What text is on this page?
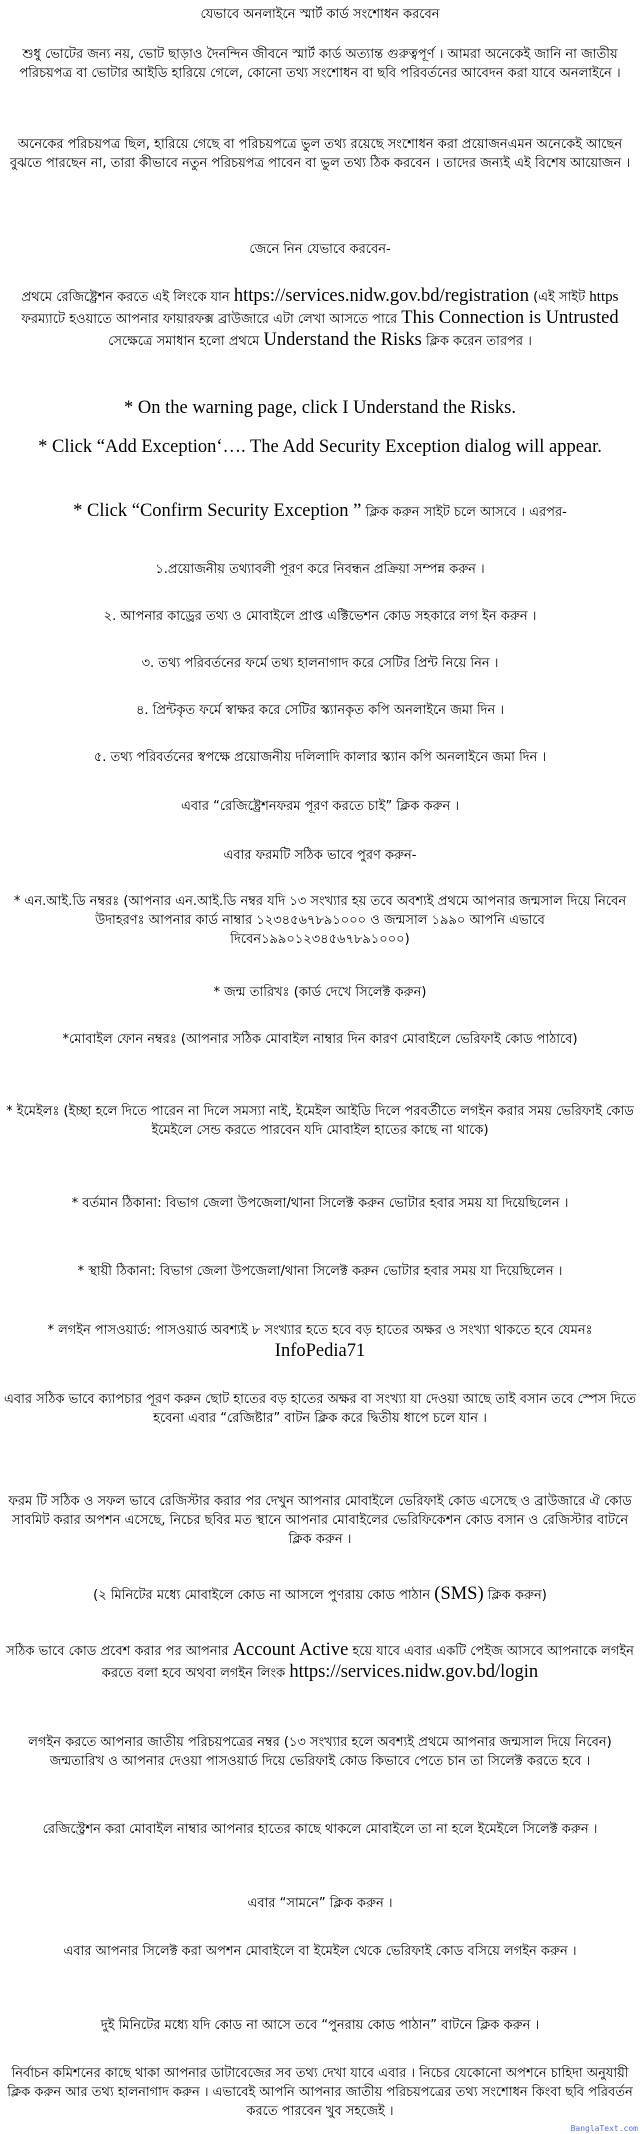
যেভাবে অনলাইনে স্মার্ট কার্ড সংশোধন করবেন
শুধু ভোটের জন্য নয়, ভোট ছাড়াও দৈনন্দিন জীবনে স্মার্ট কার্ড অত্যান্ত গুরুত্বপূর্ণ । আমরা অনেকেই জানি না জাতীয় পরিচয়পত্র বা ভোটার আইডি হারিয়ে গেলে, কোনো তথ্য সংশোধন বা ছবি পরিবর্তনের আবেদন করা যাবে অনলাইনে ।
অনেকের পরিচয়পত্র ছিল, হারিয়ে গেছে বা পরিচয়পত্রে ভুল তথ্য রয়েছে সংশোধন করা প্রয়োজনএমন অনেকেই আছেন বুঝতে পারছেন না, তারা কীভাবে নতুন পরিচয়পত্র পাবেন বা ভুল তথ্য ঠিক করবেন । তাদের জন্যই এই বিশেষ আয়োজন ।
জেনে নিন যেভাবে করবেন-
প্রথমে রেজিষ্ট্রেশন করতে এই লিংকে যান https://services.nidw.gov.bd/registration (এই সাইট https ফরম্যাটে হওয়াতে আপনার ফায়ারফক্স ব্রাউজারে এটা লেখা আসতে পারে This Connection is Untrusted সেক্ষেত্রে সমাধান হলো প্রথমে Understand the Risks ক্লিক করেন তারপর ।
* On the warning page, click I Understand the Risks.
* Click “Add Exception‘…. The Add Security Exception dialog will appear.
* Click “Confirm Security Exception ” ক্লিক করুন সাইট চলে আসবে । এরপর-
১.প্রয়োজনীয় তথ্যাবলী পূরণ করে নিবন্ধন প্রক্রিয়া সম্পন্ন করুন ।
২. আপনার কাড্রের তথ্য ও মোবাইলে প্রাপ্ত এক্টিভেশন কোড সহকারে লগ ইন করুন ।
৩. তথ্য পরিবর্তনের ফর্মে তথ্য হালনাগাদ করে সেটির প্রিন্ট নিয়ে নিন ।
৪. প্রিন্টকৃত ফর্মে স্বাক্ষর করে সেটির স্ক্যানকৃত কপি অনলাইনে জমা দিন ।
৫. তথ্য পরিবর্তনের স্বপক্ষে প্রয়োজনীয় দলিলাদি কালার স্ক্যান কপি অনলাইনে জমা দিন ।
এবার “রেজিষ্ট্রেশনফরম পূরণ করতে চাই” ক্লিক করুন ।
এবার ফরমটি সঠিক ভাবে পুরণ করুন-
* এন.আই.ডি নম্বরঃ (আপনার এন.আই.ডি নম্বর যদি ১৩ সংখ্যার হয় তবে অবশ্যই প্রথমে আপনার জন্মসাল দিয়ে নিবেন উদাহরণঃ আপনার কার্ড নাম্বার ১২৩৪৫৬৭৮৯১০০০ ও জন্মসাল ১৯৯০ আপনি এভাবে দিবেন১৯৯০১২৩৪৫৬৭৮৯১০০০)
* জন্ম তারিখঃ (কার্ড দেখে সিলেক্ট করুন)
*মোবাইল ফোন নম্বরঃ (আপনার সঠিক মোবাইল নাম্বার দিন কারণ মোবাইলে ভেরিফাই কোড পাঠাবে)
* ইমেইলঃ (ইচ্ছা হলে দিতে পারেন না দিলে সমস্যা নাই, ইমেইল আইডি দিলে পরবর্তীতে লগইন করার সময় ভেরিফাই কোড ইমেইলে সেন্ড করতে পারবেন যদি মোবাইল হাতের কাছে না থাকে)
* বর্তমান ঠিকানা: বিভাগ জেলা উপজেলা/থানা সিলেক্ট করুন ভোটার হবার সময় যা দিয়েছিলেন ।
* স্থায়ী ঠিকানা: বিভাগ জেলা উপজেলা/থানা সিলেক্ট করুন ভোটার হবার সময় যা দিয়েছিলেন ।
* লগইন পাসওয়ার্ড: পাসওয়ার্ড অবশ্যই ৮ সংখ্যার হতে হবে বড় হাতের অক্ষর ও সংখ্যা থাকতে হবে যেমনঃ InfoPedia71
এবার সঠিক ভাবে ক্যাপচার পূরণ করুন ছোট হাতের বড় হাতের অক্ষর বা সংখ্যা যা দেওয়া আছে তাই বসান তবে স্পেস দিতে হবেনা এবার “রেজিষ্টার” বাটন ক্লিক করে দ্বিতীয় ধাপে চলে যান ।
ফরম টি সঠিক ও সফল ভাবে রেজিস্টার করার পর দেখুন আপনার মোবাইলে ভেরিফাই কোড এসেছে ও ব্রাউজারে ঐ কোড সাবমিট করার অপশন এসেছে, নিচের ছবির মত স্থানে আপনার মোবাইলের ভেরিফিকেশন কোড বসান ও রেজিস্টার বাটনে ক্লিক করুন ।
(২ মিনিটের মধ্যে মোবাইলে কোড না আসলে পুণরায় কোড পাঠান (SMS) ক্লিক করুন)
সঠিক ভাবে কোড প্রবেশ করার পর আপনার Account Active হয়ে যাবে এবার একটি পেইজ আসবে আপনাকে লগইন করতে বলা হবে অথবা লগইন লিংক https://services.nidw.gov.bd/login
লগইন করতে আপনার জাতীয় পরিচয়পত্রের নম্বর (১৩ সংখ্যার হলে অবশ্যই প্রথমে আপনার জন্মসাল দিয়ে নিবেন) জন্মতারিখ ও আপনার দেওয়া পাসওয়ার্ড দিয়ে ভেরিফাই কোড কিভাবে পেতে চান তা সিলেক্ট করতে হবে ।
রেজিস্ট্রেশন করা মোবাইল নাম্বার আপনার হাতের কাছে থাকলে মোবাইলে তা না হলে ইমেইলে সিলেক্ট করুন ।
এবার “সামনে” ক্লিক করুন ।
এবার আপনার সিলেক্ট করা অপশন মোবাইলে বা ইমেইল থেকে ভেরিফাই কোড বসিয়ে লগইন করুন ।
দুই মিনিটের মধ্যে যদি কোড না আসে তবে “পুনরায় কোড পাঠান” বাটনে ক্লিক করুন ।
নির্বাচন কমিশনের কাছে থাকা আপনার ডাটাবেজের সব তথ্য দেখা যাবে এবার । নিচের যেকোনো অপশনে চাহিদা অনুযায়ী ক্লিক করুন আর তথ্য হালনাগাদ করুন । এভাবেই আপনি আপনার জাতীয় পরিচয়পত্রের তথ্য সংশোধন কিংবা ছবি পরিবর্তন করতে পারবেন খুব সহজেই ।
BanglaText.com
